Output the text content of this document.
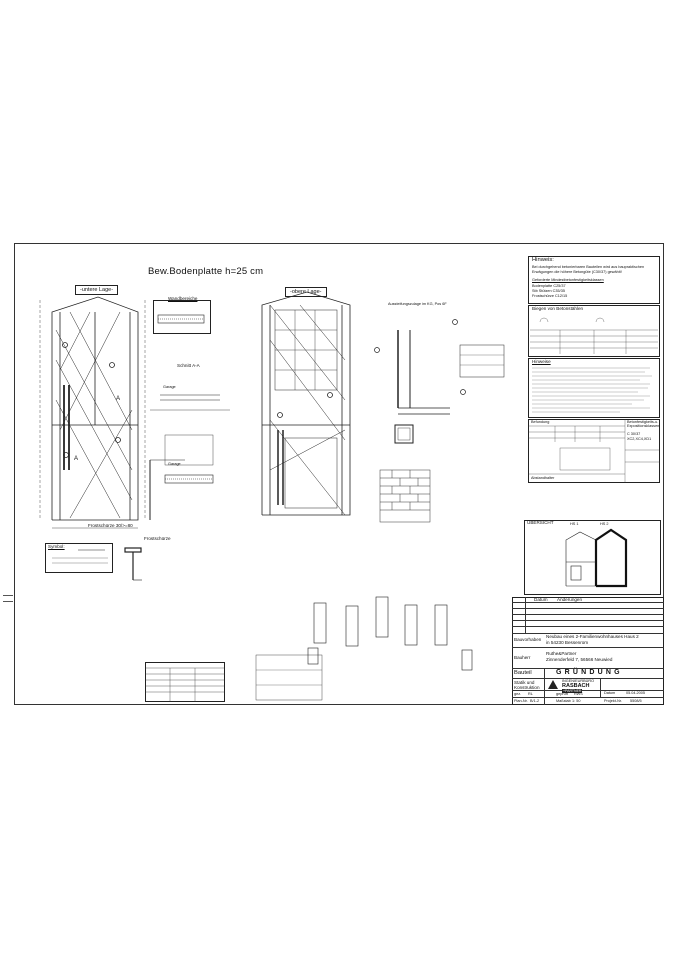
Bew.Bodenplatte h=25 cm
-untere Lage-	-obere Lage-
A
A
Wandbereiche
Schnitt A-A
Garage
Garage
Frostschürze 30/>=80
Frostschürze
Symbol:
Aussteifungszulage im KG, Pos 6F
Hinweis:
Bei durchgehend betonierbaren Bauteilen wird aus baupraktischen
Erwägungen die höhere Betongüte (C30/37) gewählt!
Geforderte Mindestbetonfestigkeitsklassen
Bodenplatte C25/37
Stb Stützen C35/35
Frostschürze C12/15
Biegen von Betonstählen
Hinweise
Befundung	Betonfestigkeits-u. Expositionsklassen
C 30/37
XC2,XC4,XD1
Abstandhalter
ÜBERSICHT	HS 1	HS 2
Datum Änderungen
Bauvorhaben
Neubau eines 2-Familienwohnhauses Haus 2
in 54230 Bessenrom
Bauherr
Ruthe&Partner
Zinnenderfeld 7, 56566 Neuwied
Bauteil	GRÜNDUNG
Statik und
Konstruktion
INGENIEURBÜRO
RASBACH
+PARTNER	Datum	05.04.2005
gez. RL	geprüft RWS
Plan-Nr. B/1-2	Maßstab 1: 50	Projekt-Nr. 5508/5
